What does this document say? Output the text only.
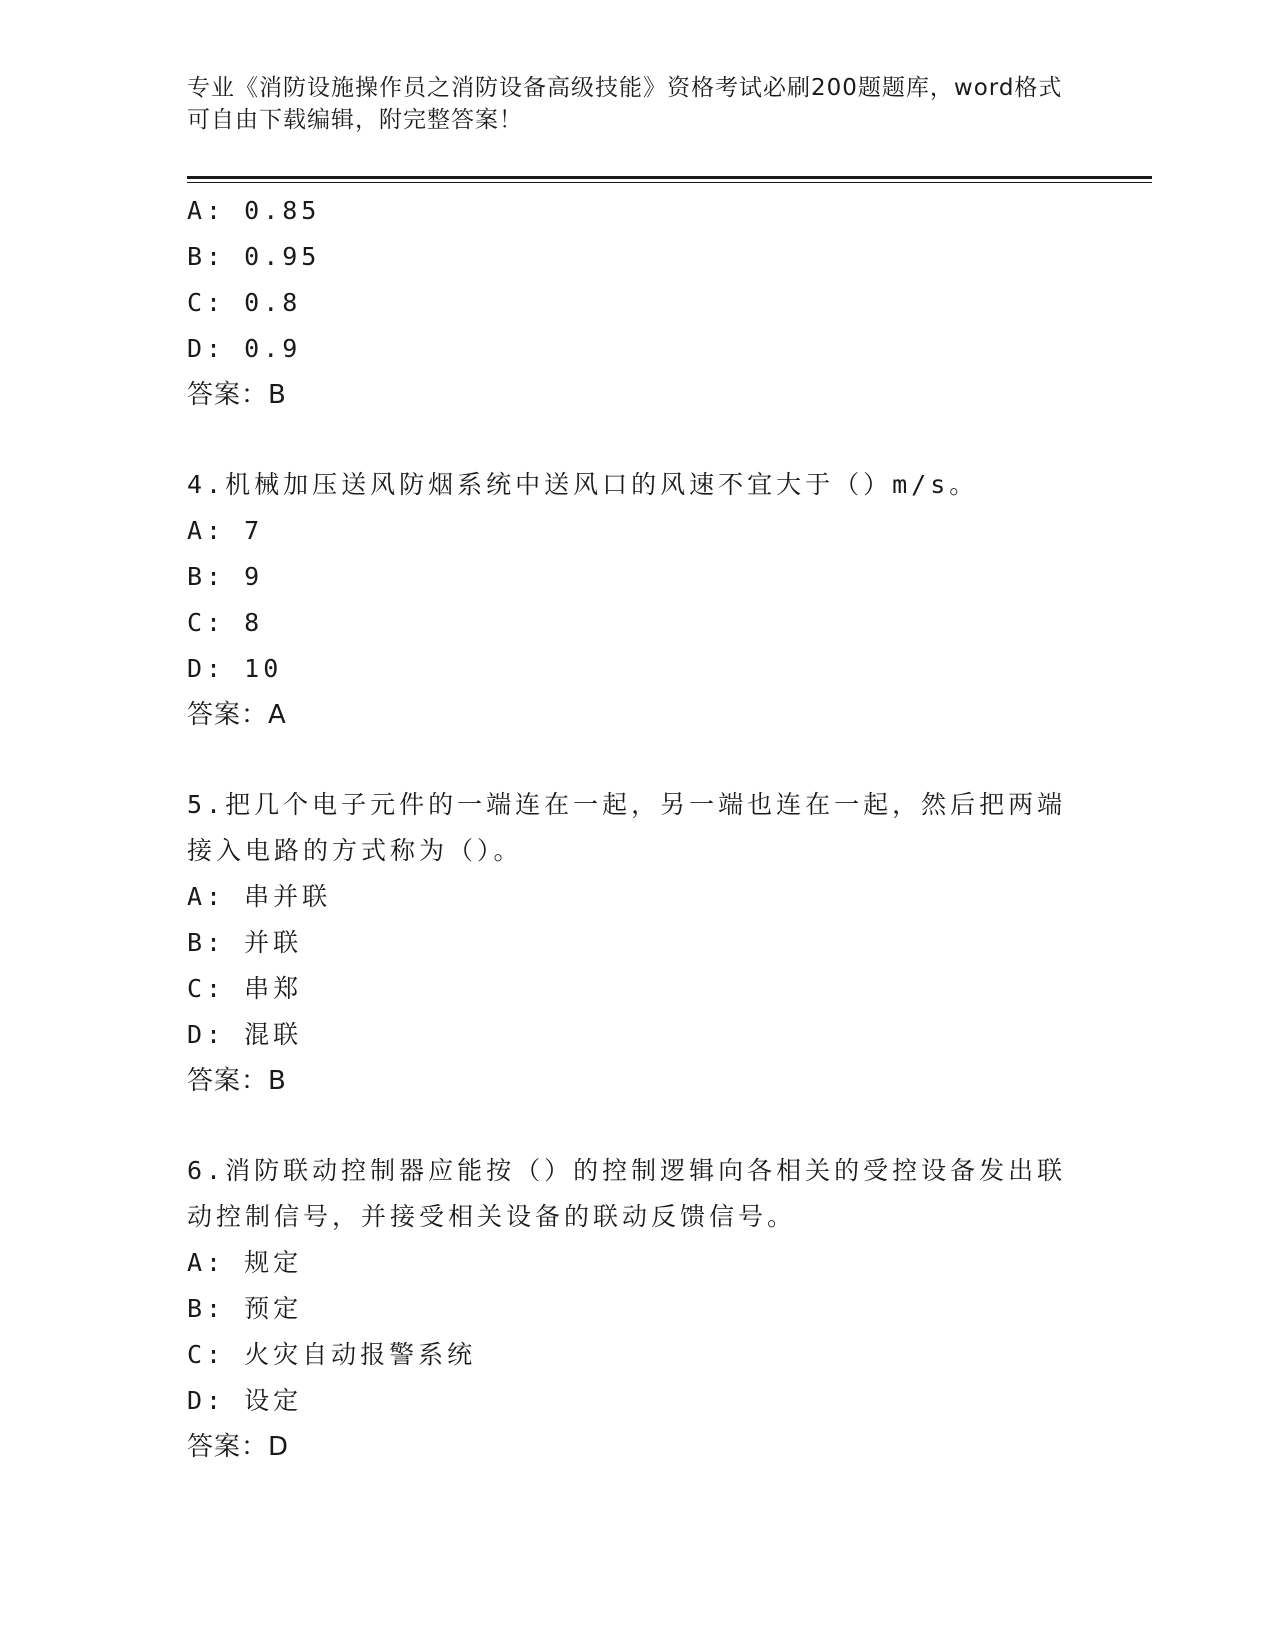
专业《消防设施操作员之消防设备高级技能》资格考试必刷200题题库，word格式可自由下载编辑，附完整答案！
A: 0.85
B: 0.95
C: 0.8
D: 0.9
答案：B
4.机械加压送风防烟系统中送风口的风速不宜大于（）m/s。
A: 7
B: 9
C: 8
D: 10
答案：A
5.把几个电子元件的一端连在一起，另一端也连在一起，然后把两端接入电路的方式称为（）。
A: 串并联
B: 并联
C: 串郑
D: 混联
答案：B
6.消防联动控制器应能按（）的控制逻辑向各相关的受控设备发出联动控制信号，并接受相关设备的联动反馈信号。
A: 规定
B: 预定
C: 火灾自动报警系统
D: 设定
答案：D
